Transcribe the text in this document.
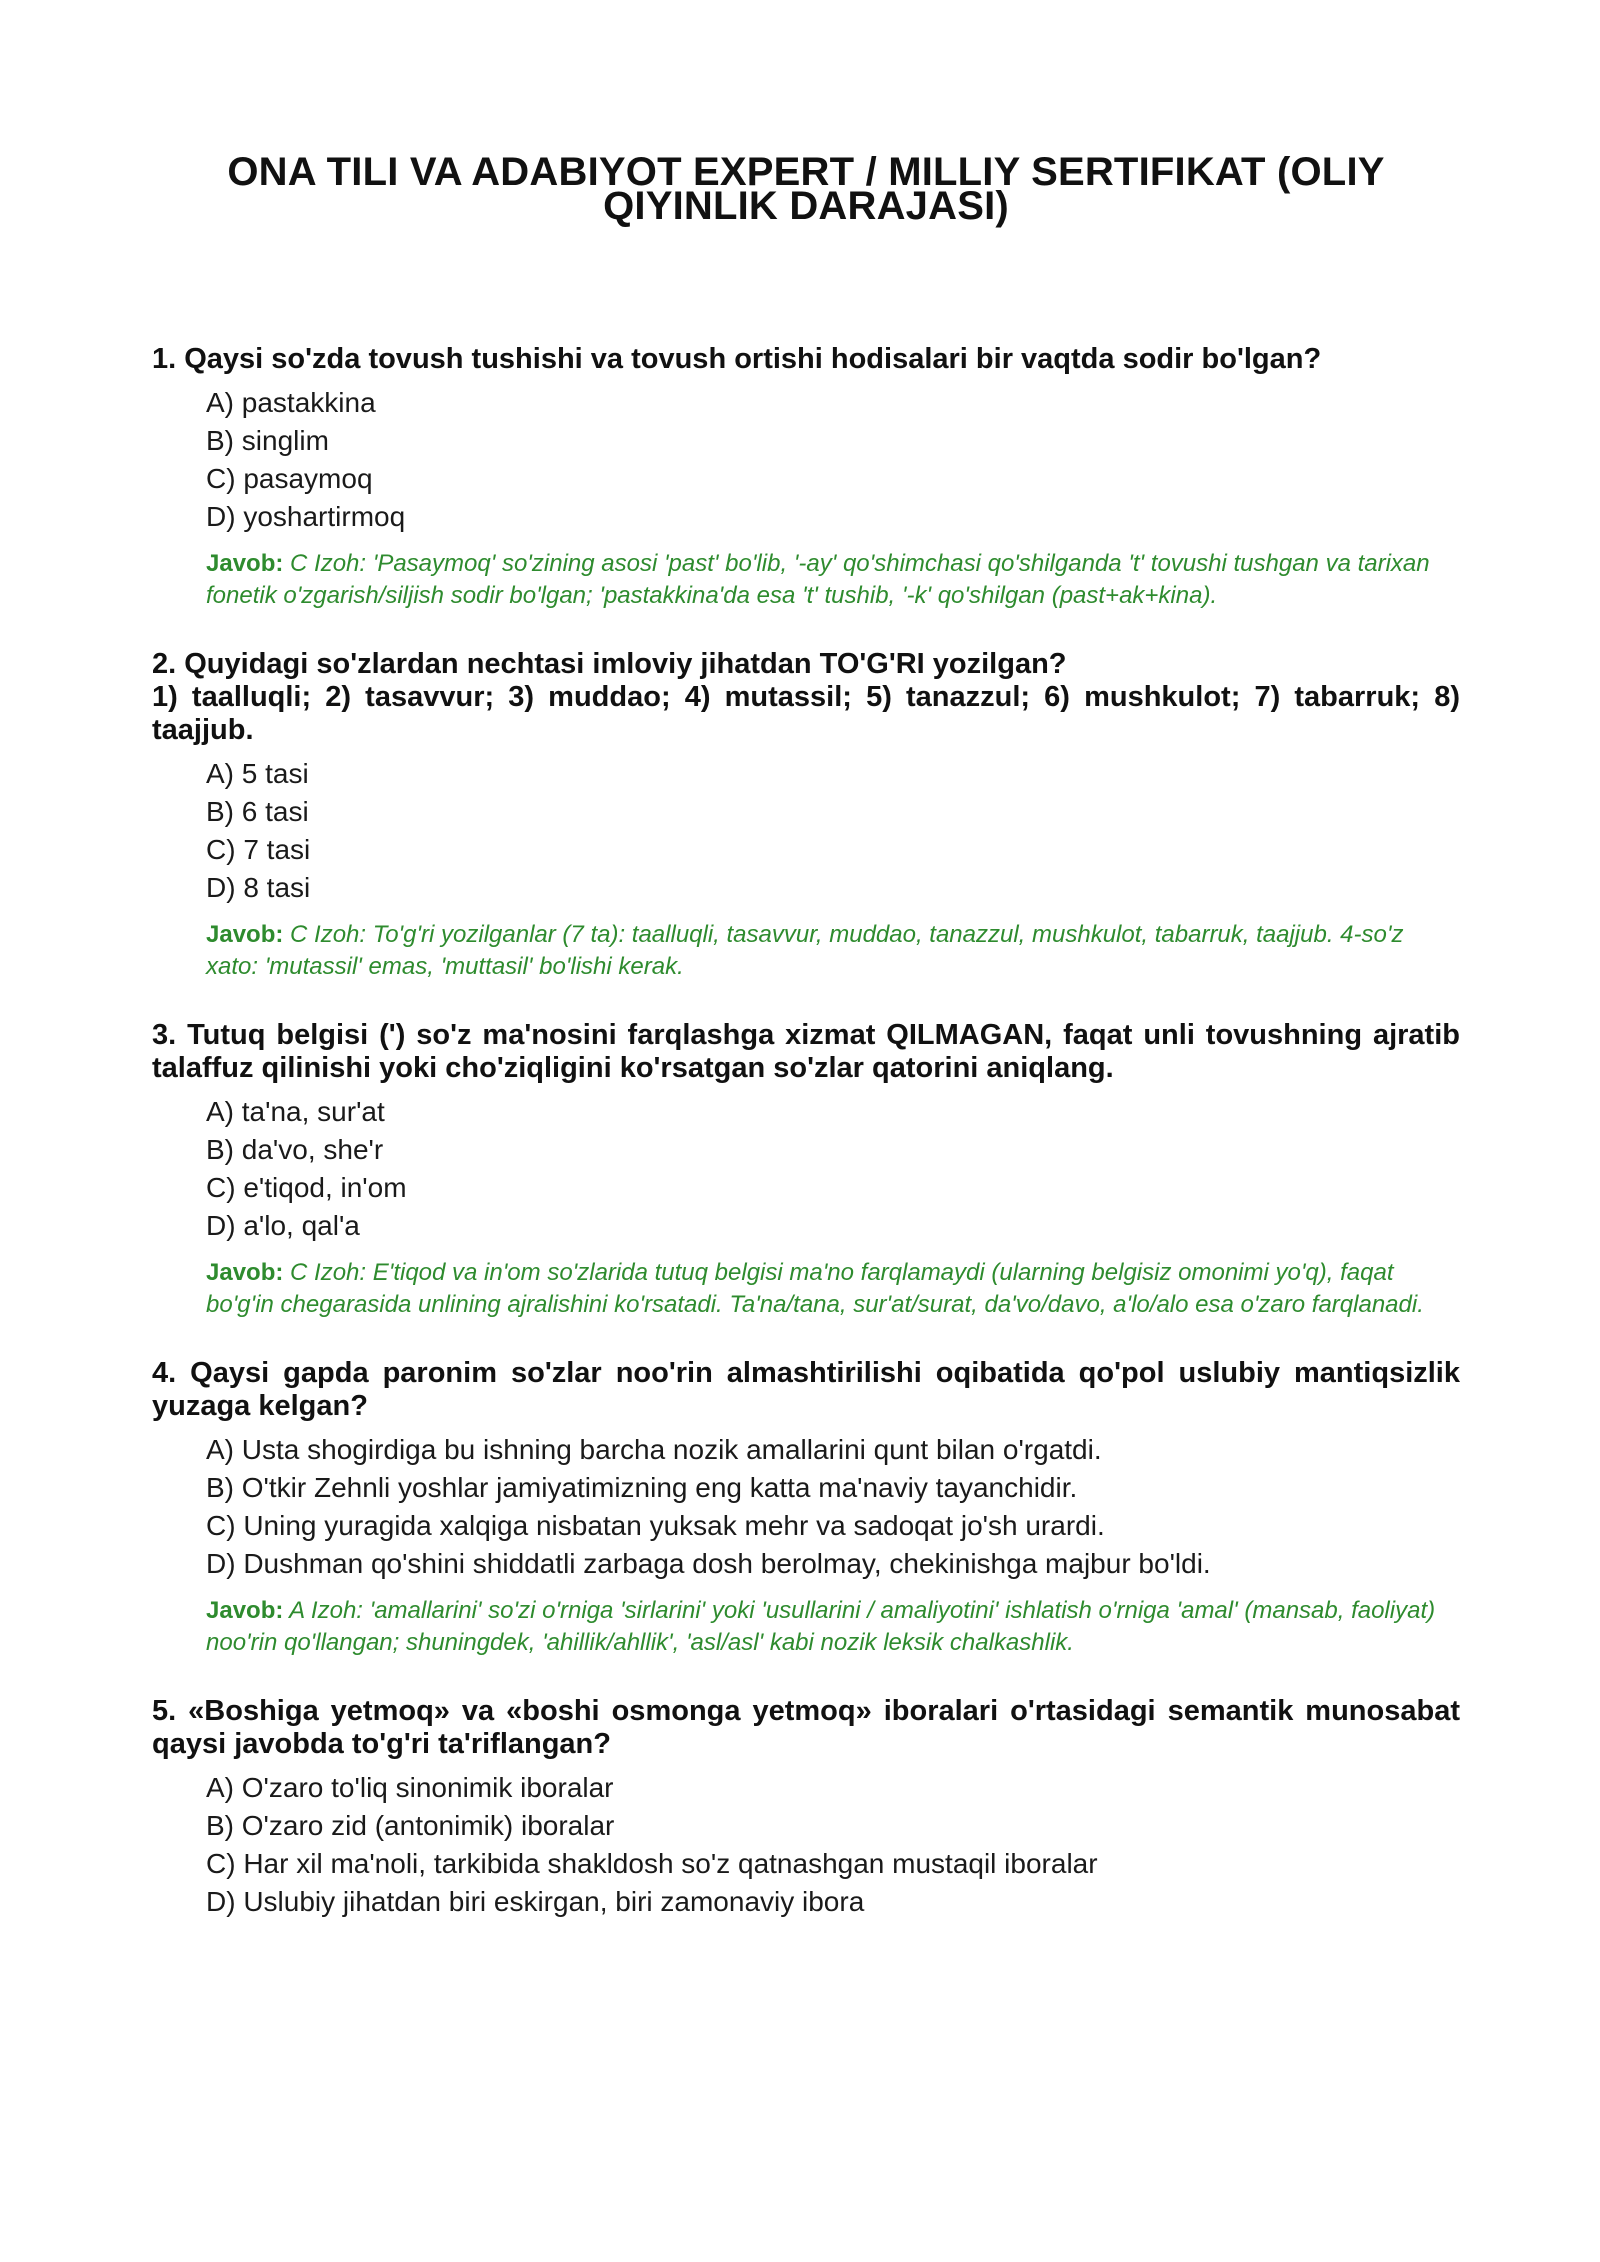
ONA TILI VA ADABIYOT EXPERT / MILLIY SERTIFIKAT (OLIY QIYINLIK DARAJASI)
1. Qaysi so'zda tovush tushishi va tovush ortishi hodisalari bir vaqtda sodir bo'lgan?
A) pastakkina
B) singlim
C) pasaymoq
D) yoshartirmoq
Javob: C Izoh: 'Pasaymoq' so'zining asosi 'past' bo'lib, '-ay' qo'shimchasi qo'shilganda 't' tovushi tushgan va tarixan fonetik o'zgarish/siljish sodir bo'lgan; 'pastakkina'da esa 't' tushib, '-k' qo'shilgan (past+ak+kina).
2. Quyidagi so'zlardan nechtasi imloviy jihatdan TO'G'RI yozilgan?
1) taalluqli; 2) tasavvur; 3) muddao; 4) mutassil; 5) tanazzul; 6) mushkulot; 7) tabarruk; 8) taajjub.
A) 5 tasi
B) 6 tasi
C) 7 tasi
D) 8 tasi
Javob: C Izoh: To'g'ri yozilganlar (7 ta): taalluqli, tasavvur, muddao, tanazzul, mushkulot, tabarruk, taajjub. 4-so'z xato: 'mutassil' emas, 'muttasil' bo'lishi kerak.
3. Tutuq belgisi (') so'z ma'nosini farqlashga xizmat QILMAGAN, faqat unli tovushning ajratib talaffuz qilinishi yoki cho'ziqligini ko'rsatgan so'zlar qatorini aniqlang.
A) ta'na, sur'at
B) da'vo, she'r
C) e'tiqod, in'om
D) a'lo, qal'a
Javob: C Izoh: E'tiqod va in'om so'zlarida tutuq belgisi ma'no farqlamaydi (ularning belgisiz omonimi yo'q), faqat bo'g'in chegarasida unlining ajralishini ko'rsatadi. Ta'na/tana, sur'at/surat, da'vo/davo, a'lo/alo esa o'zaro farqlanadi.
4. Qaysi gapda paronim so'zlar noo'rin almashtirilishi oqibatida qo'pol uslubiy mantiqsizlik yuzaga kelgan?
A) Usta shogirdiga bu ishning barcha nozik amallarini qunt bilan o'rgatdi.
B) O'tkir Zehnli yoshlar jamiyatimizning eng katta ma'naviy tayanchidir.
C) Uning yuragida xalqiga nisbatan yuksak mehr va sadoqat jo'sh urardi.
D) Dushman qo'shini shiddatli zarbaga dosh berolmay, chekinishga majbur bo'ldi.
Javob: A Izoh: 'amallarini' so'zi o'rniga 'sirlarini' yoki 'usullarini / amaliyotini' ishlatish o'rniga 'amal' (mansab, faoliyat) noo'rin qo'llangan; shuningdek, 'ahillik/ahllik', 'asl/asl' kabi nozik leksik chalkashlik.
5. «Boshiga yetmoq» va «boshi osmonga yetmoq» iboralari o'rtasidagi semantik munosabat qaysi javobda to'g'ri ta'riflangan?
A) O'zaro to'liq sinonimik iboralar
B) O'zaro zid (antonimik) iboralar
C) Har xil ma'noli, tarkibida shakldosh so'z qatnashgan mustaqil iboralar
D) Uslubiy jihatdan biri eskirgan, biri zamonaviy ibora
